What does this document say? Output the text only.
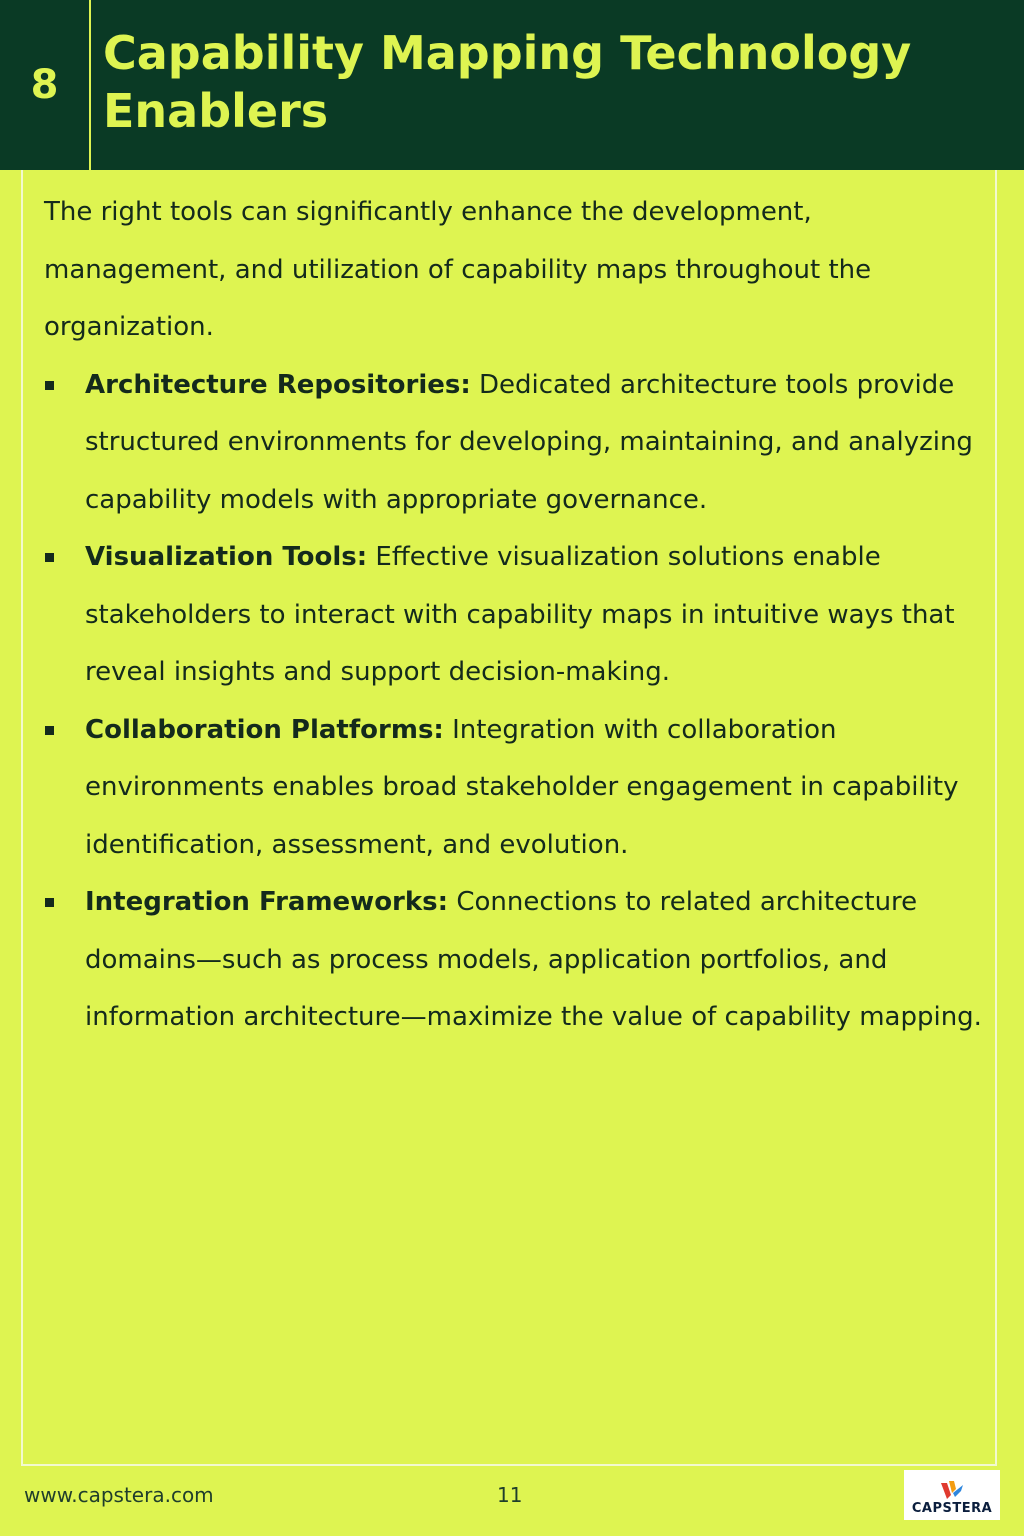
8
Capability Mapping Technology Enablers

The right tools can significantly enhance the development, management, and utilization of capability maps throughout the organization.

Architecture Repositories: Dedicated architecture tools provide structured environments for developing, maintaining, and analyzing capability models with appropriate governance.
Visualization Tools: Effective visualization solutions enable stakeholders to interact with capability maps in intuitive ways that reveal insights and support decision-making.
Collaboration Platforms: Integration with collaboration environments enables broad stakeholder engagement in capability identification, assessment, and evolution.
Integration Frameworks: Connections to related architecture domains—such as process models, application portfolios, and information architecture—maximize the value of capability mapping.
www.capstera.com	11
CAPSTERA
